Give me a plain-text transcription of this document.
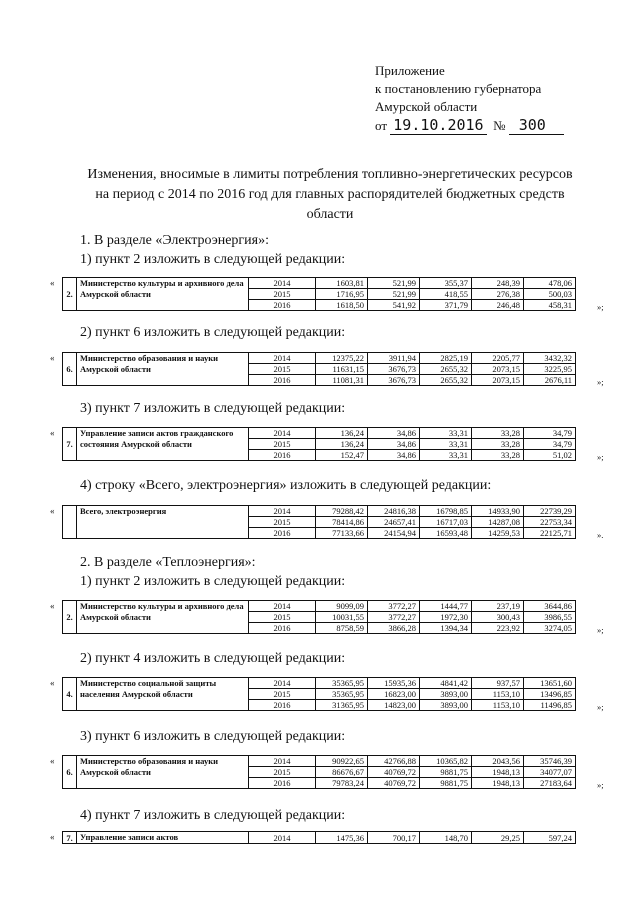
Приложение
к постановлению губернатора
Амурской области
от 19.10.2016 № 300
Изменения, вносимые в лимиты потребления топливно-энергетических ресурсов на период с 2014 по 2016 год для главных распорядителей бюджетных средств области
1. В разделе «Электроэнергия»:
1) пункт 2 изложить в следующей редакции:
«
2.	Министерство культуры и архивного дела Амурской области	2014	1603,81	521,99	355,37	248,39	478,06
		2015	1716,95	521,99	418,55	276,38	500,03
		2016	1618,50	541,92	371,79	246,48	458,31	»;
2) пункт 6 изложить в следующей редакции:
«
6.	Министерство образования и науки Амурской области	2014	12375,22	3911,94	2825,19	2205,77	3432,32
		2015	11631,15	3676,73	2655,32	2073,15	3225,95
		2016	11081,31	3676,73	2655,32	2073,15	2676,11	»;
3) пункт 7 изложить в следующей редакции:
«
7.	Управление записи актов гражданского состояния Амурской области	2014	136,24	34,86	33,31	33,28	34,79
		2015	136,24	34,86	33,31	33,28	34,79
		2016	152,47	34,86	33,31	33,28	51,02	»;
4) строку «Всего, электроэнергия» изложить в следующей редакции:
«
		Всего, электроэнергия	2014	79288,42	24816,38	16798,85	14933,90	22739,29
		2015	78414,86	24657,41	16717,03	14287,08	22753,34
		2016	77133,66	24154,94	16593,48	14259,53	22125,71	».
2. В разделе «Теплоэнергия»:
1) пункт 2 изложить в следующей редакции:
«
2.	Министерство культуры и архивного дела Амурской области	2014	9099,09	3772,27	1444,77	237,19	3644,86
		2015	10031,55	3772,27	1972,30	300,43	3986,55
		2016	8758,59	3866,28	1394,34	223,92	3274,05	»;
2) пункт 4 изложить в следующей редакции:
«
4.	Министерство социальной защиты населения Амурской области	2014	35365,95	15935,36	4841,42	937,57	13651,60
		2015	35365,95	16823,00	3893,00	1153,10	13496,85
		2016	31365,95	14823,00	3893,00	1153,10	11496,85	»;
3) пункт 6 изложить в следующей редакции:
«
6.	Министерство образования и науки Амурской области	2014	90922,65	42766,88	10365,82	2043,56	35746,39
		2015	86676,67	40769,72	9881,75	1948,13	34077,07
		2016	79783,24	40769,72	9881,75	1948,13	27183,64	»;
4) пункт 7 изложить в следующей редакции:
« 7.	Управление записи актов	2014	1475,36	700,17	148,70	29,25	597,24
